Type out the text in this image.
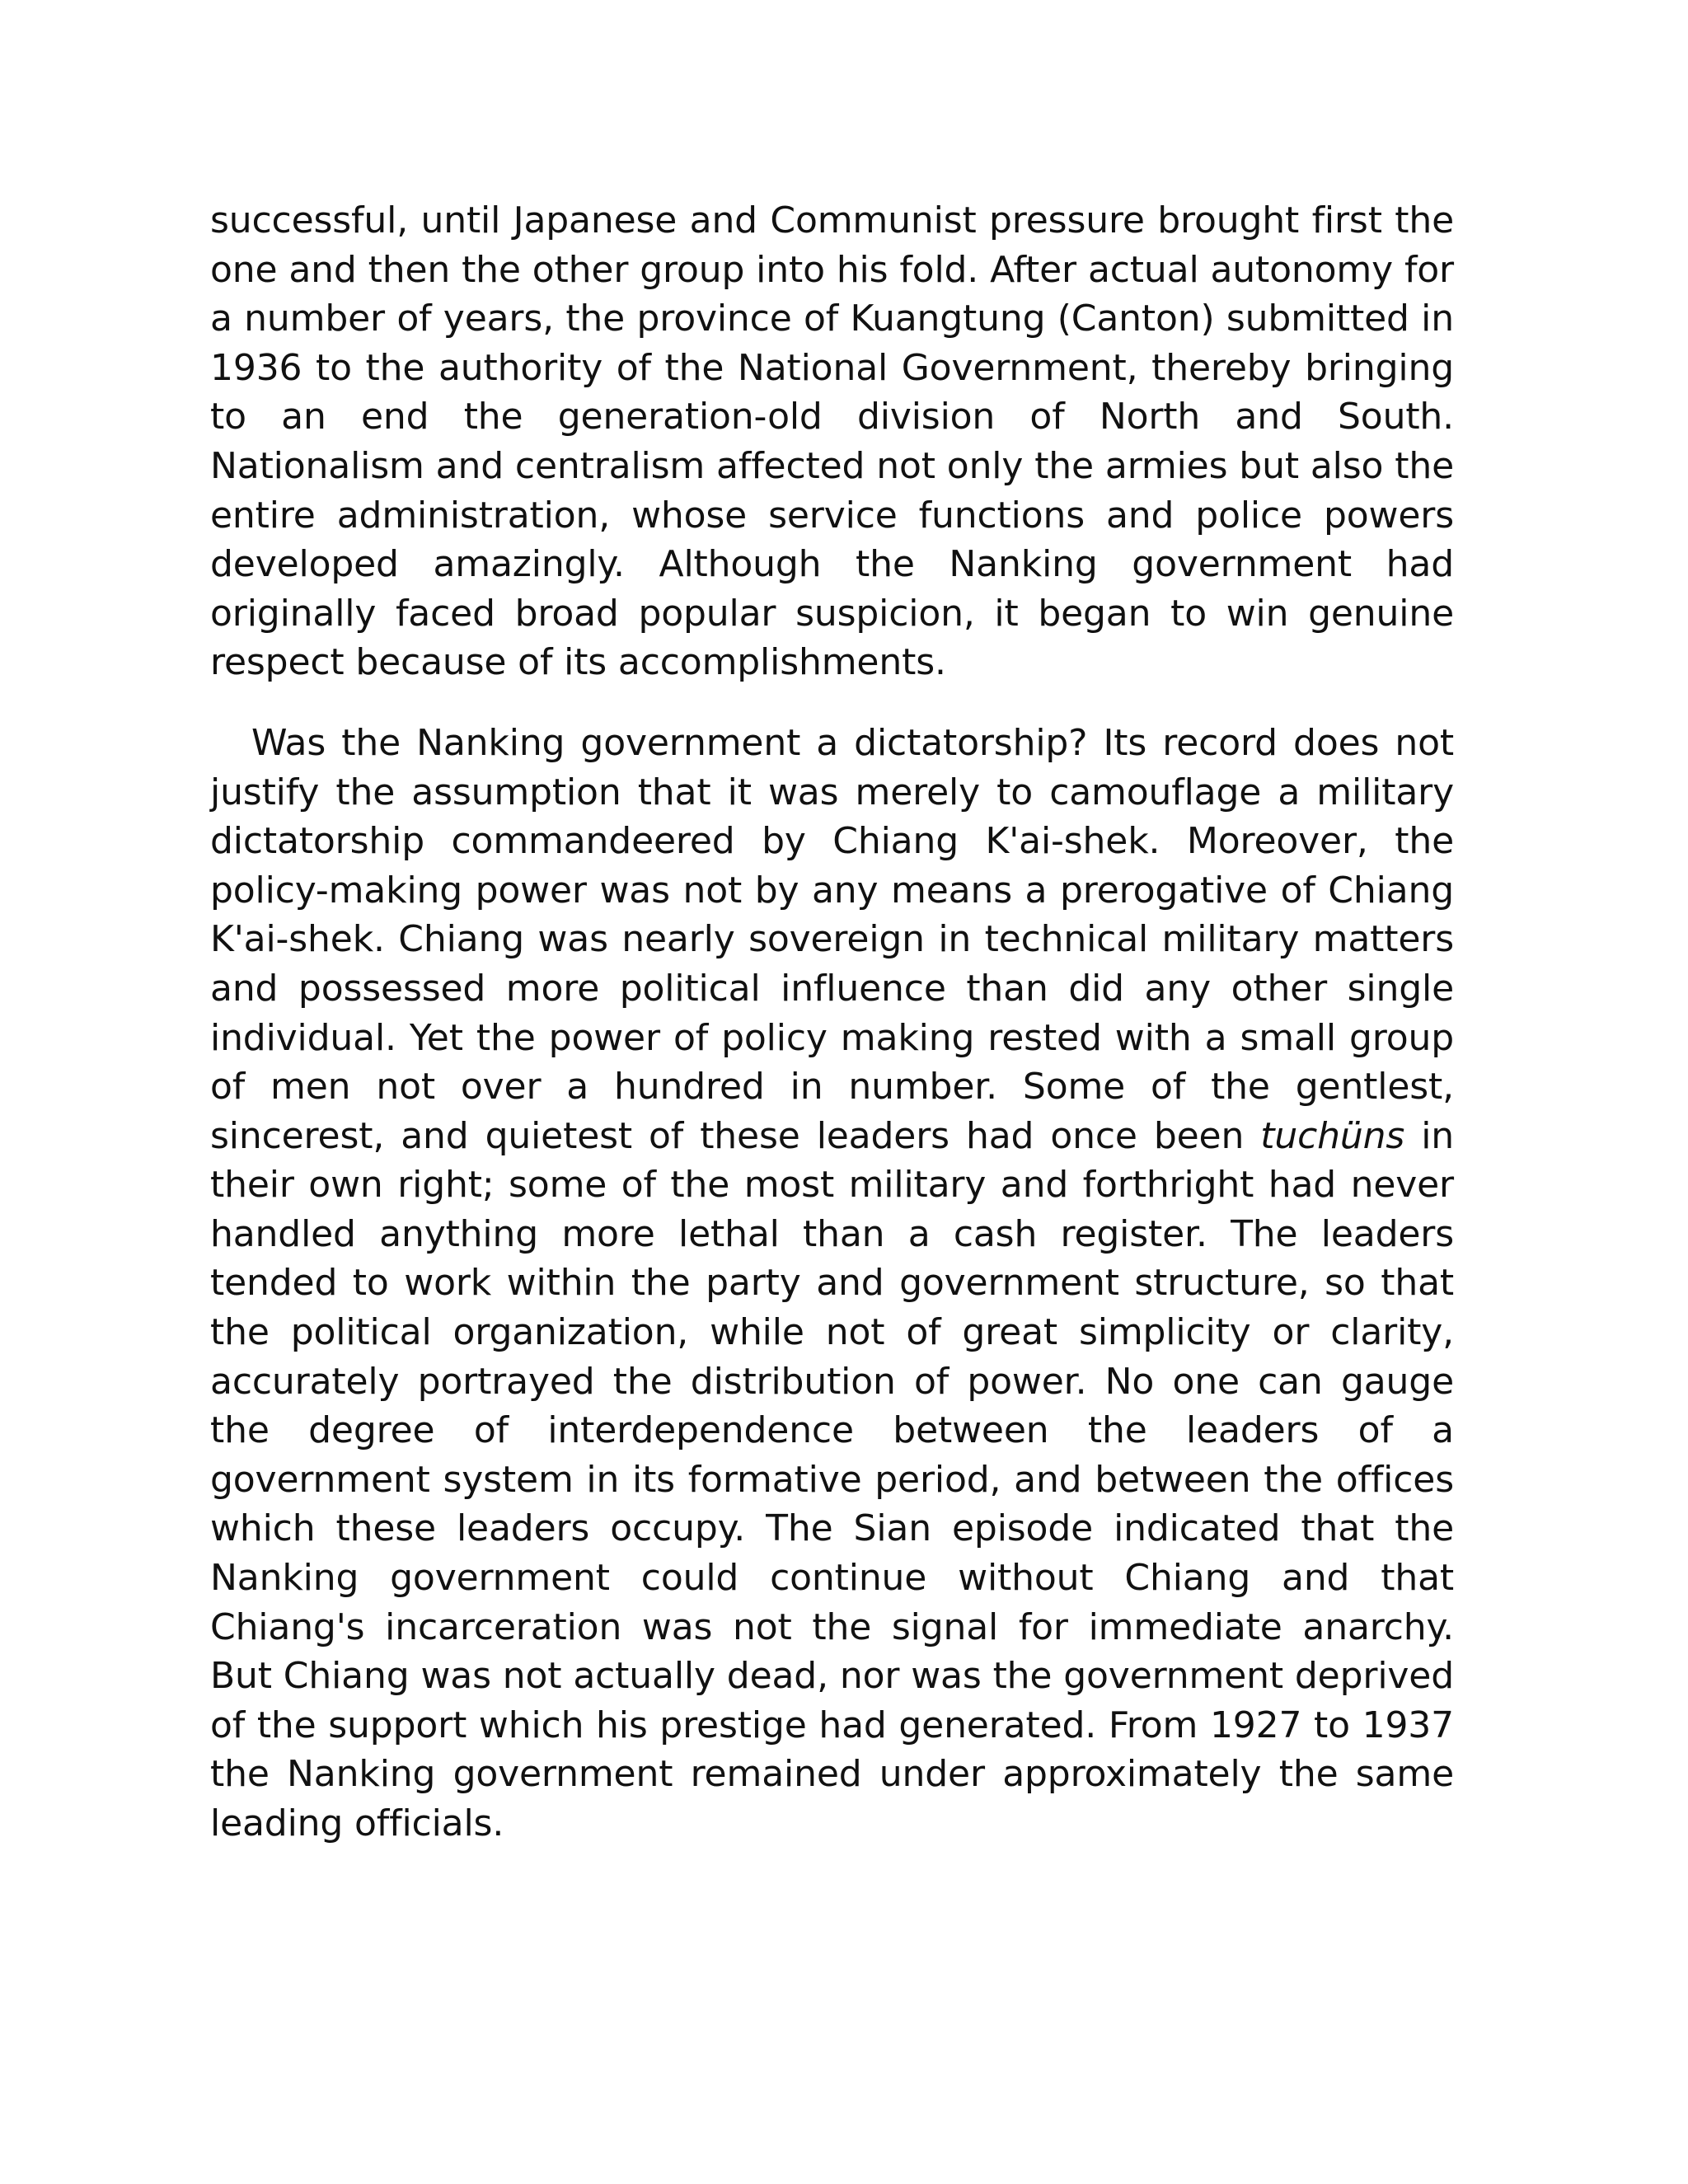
successful, until Japanese and Communist pressure brought first the one and then the other group into his fold. After actual autonomy for a number of years, the province of Kuangtung (Canton) submitted in 1936 to the authority of the National Government, thereby bringing to an end the generation-old division of North and South. Nationalism and centralism affected not only the armies but also the entire administration, whose service functions and police powers developed amazingly. Although the Nanking government had originally faced broad popular suspicion, it began to win genuine respect because of its accomplishments.

Was the Nanking government a dictatorship? Its record does not justify the assumption that it was merely to camouflage a military dictatorship commandeered by Chiang K'ai-shek. Moreover, the policy-making power was not by any means a prerogative of Chiang K'ai-shek. Chiang was nearly sovereign in technical military matters and possessed more political influence than did any other single individual. Yet the power of policy making rested with a small group of men not over a hundred in number. Some of the gentlest, sincerest, and quietest of these leaders had once been tuchüns in their own right; some of the most military and forthright had never handled anything more lethal than a cash register. The leaders tended to work within the party and government structure, so that the political organization, while not of great simplicity or clarity, accurately portrayed the distribution of power. No one can gauge the degree of interdependence between the leaders of a government system in its formative period, and between the offices which these leaders occupy. The Sian episode indicated that the Nanking government could continue without Chiang and that Chiang's incarceration was not the signal for immediate anarchy. But Chiang was not actually dead, nor was the government deprived of the support which his prestige had generated. From 1927 to 1937 the Nanking government remained under approximately the same leading officials.
